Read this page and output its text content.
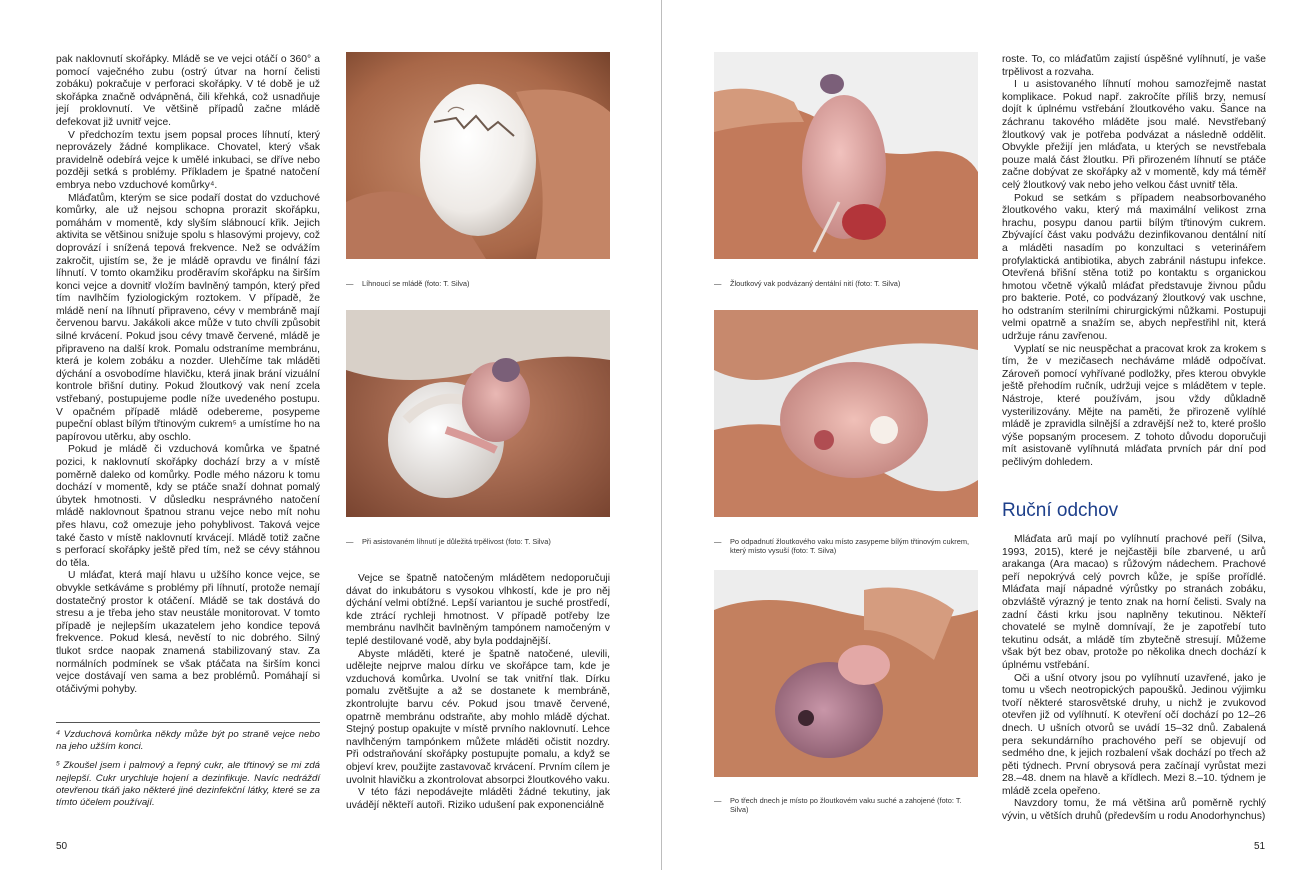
pak naklovnutí skořápky. Mládě se ve vejci otáčí o 360° a pomocí vaječného zubu (ostrý útvar na horní čelisti zobáku) pokračuje v perforaci skořápky. V té době je už skořápka značně odvápněná, čili křehká, což usnadňuje její proklovnutí. Ve většině případů začne mládě defekovat již uvnitř vejce.

V předchozím textu jsem popsal proces líhnutí, který neprovázely žádné komplikace. Chovatel, který však pravidelně odebírá vejce k umělé inkubaci, se dříve nebo později setká s problémy. Příkladem je špatné natočení embrya nebo vzduchové komůrky⁴.

Mláďatům, kterým se sice podaří dostat do vzduchové komůrky, ale už nejsou schopna prorazit skořápku, pomáhám v momentě, kdy slyším slábnoucí křik. Jejich aktivita se většinou snižuje spolu s hlasovými projevy, což doprovází i snížená tepová frekvence. Než se odvážím zakročit, ujistím se, že je mládě opravdu ve finální fázi líhnutí. V tomto okamžiku proděravím skořápku na širším konci vejce a dovnitř vložím bavlněný tampón, který před tím navlhčím fyziologickým roztokem. V případě, že mládě není na líhnutí připraveno, cévy v membráně mají červenou barvu. Jakákoli akce může v tuto chvíli způsobit silné krvácení. Pokud jsou cévy tmavě červené, mládě je připraveno na další krok. Pomalu odstraníme membránu, která je kolem zobáku a nozder. Ulehčíme tak mláděti dýchání a osvobodíme hlavičku, která jinak brání vizuální kontrole břišní dutiny. Pokud žloutkový vak není zcela vstřebaný, postupujeme podle níže uvedeného postupu. V opačném případě mládě odebereme, posypeme pupeční oblast bílým třtinovým cukrem⁵ a umístíme ho na papírovou utěrku, aby oschlo.

Pokud je mládě či vzduchová komůrka ve špatné pozici, k naklovnutí skořápky dochází brzy a v místě poměrně daleko od komůrky. Podle mého názoru k tomu dochází v momentě, kdy se ptáče snaží dohnat pomalý úbytek hmotnosti. V důsledku nesprávného natočení mládě naklovnout špatnou stranu vejce nebo mít nohu přes hlavu, což omezuje jeho pohyblivost. Taková vejce také často v místě naklovnutí krvácejí. Mládě totiž začne s perforací skořápky ještě před tím, než se cévy stáhnou do těla.

U mláďat, která mají hlavu u užšího konce vejce, se obvykle setkáváme s problémy při líhnutí, protože nemají dostatečný prostor k otáčení. Mládě se tak dostává do stresu a je třeba jeho stav neustále monitorovat. V tomto případě je nejlepším ukazatelem jeho kondice tepová frekvence. Pokud klesá, nevěstí to nic dobrého. Silný tlukot srdce naopak znamená stabilizovaný stav. Za normálních podmínek se však ptáčata na širším konci vejce dostávají ven sama a bez problémů. Pomáhají si otáčivými pohyby.

⁴ Vzduchová komůrka někdy může být po straně vejce nebo na jeho užším konci.

⁵ Zkoušel jsem i palmový a řepný cukr, ale třtinový se mi zdá nejlepší. Cukr urychluje hojení a dezinfikuje. Navíc nedráždí otevřenou tkáň jako některé jiné dezinfekční látky, které se za tímto účelem používají.

—	Líhnoucí se mládě (foto: T. Silva)
—	Při asistovaném líhnutí je důležitá trpělivost (foto: T. Silva)

Vejce se špatně natočeným mládětem nedoporučuji dávat do inkubátoru s vysokou vlhkostí, kde je pro něj dýchání velmi obtížné. Lepší variantou je suché prostředí, kde ztrácí rychleji hmotnost. V případě potřeby lze membránu navlhčit bavlněným tampónem namočeným v teplé destilované vodě, aby byla poddajnější.

Abyste mláděti, které je špatně natočené, ulevili, udělejte nejprve malou dírku ve skořápce tam, kde je vzduchová komůrka. Uvolní se tak vnitřní tlak. Dírku pomalu zvětšujte a až se dostanete k membráně, zkontrolujte barvu cév. Pokud jsou tmavě červené, opatrně membránu odstraňte, aby mohlo mládě dýchat. Stejný postup opakujte v místě prvního naklovnutí. Lehce navlhčeným tampónkem můžete mláděti očistit nozdry. Při odstraňování skořápky postupujte pomalu, a když se objeví krev, použijte zastavovač krvácení. Prvním cílem je uvolnit hlavičku a zkontrolovat absorpci žloutkového vaku.

V této fázi nepodávejte mláděti žádné tekutiny, jak uvádějí někteří autoři. Riziko udušení pak exponenciálně

50
—	Žloutkový vak podvázaný dentální nití (foto: T. Silva)
—	Po odpadnutí žloutkového vaku místo zasypeme bílým třtinovým cukrem, který místo vysuší (foto: T. Silva)
—	Po třech dnech je místo po žloutkovém vaku suché a zahojené (foto: T. Silva)

roste. To, co mláďatům zajistí úspěšné vylíhnutí, je vaše trpělivost a rozvaha.

I u asistovaného líhnutí mohou samozřejmě nastat komplikace. Pokud např. zakročíte příliš brzy, nemusí dojít k úplnému vstřebání žloutkového vaku. Šance na záchranu takového mláděte jsou malé. Nevstřebaný žloutkový vak je potřeba podvázat a následně oddělit. Obvykle přežijí jen mláďata, u kterých se nevstřebala pouze malá část žloutku. Při přirozeném líhnutí se ptáče začne dobývat ze skořápky až v momentě, kdy má téměř celý žloutkový vak nebo jeho velkou část uvnitř těla.

Pokud se setkám s případem neabsorbovaného žloutkového vaku, který má maximální velikost zrna hrachu, posypu danou partii bílým třtinovým cukrem. Zbývající část vaku podvážu dezinfikovanou dentální nití a mláděti nasadím po konzultaci s veterinářem profylaktická antibiotika, abych zabránil nástupu infekce. Otevřená břišní stěna totiž po kontaktu s organickou hmotou včetně výkalů mláďat představuje živnou půdu pro bakterie. Poté, co podvázaný žloutkový vak uschne, ho odstraním sterilními chirurgickými nůžkami. Postupuji velmi opatrně a snažím se, abych nepřestřihl nit, která udržuje ránu zavřenou.

Vyplatí se nic neuspěchat a pracovat krok za krokem s tím, že v mezičasech necháváme mládě odpočívat. Zároveň pomocí vyhřívané podložky, přes kterou obvykle ještě přehodím ručník, udržuji vejce s mládětem v teple. Nástroje, které používám, jsou vždy důkladně vysterilizovány. Mějte na paměti, že přirozeně vylíhlé mládě je zpravidla silnější a zdravější než to, které prošlo výše popsaným procesem. Z tohoto důvodu doporučuji mít asistovaně vylíhnutá mláďata prvních pár dní pod pečlivým dohledem.

Ruční odchov

Mláďata arů mají po vylíhnutí prachové peří (Silva, 1993, 2015), které je nejčastěji bíle zbarvené, u arů arakanga (Ara macao) s růžovým nádechem. Prachové peří nepokrývá celý povrch kůže, je spíše prořídlé. Mláďata mají nápadné výrůstky po stranách zobáku, obzvláště výrazný je tento znak na horní čelisti. Svaly na zadní části krku jsou naplněny tekutinou. Někteří chovatelé se mylně domnívají, že je zapotřebí tuto tekutinu odsát, a mládě tím zbytečně stresují. Můžeme však být bez obav, protože po několika dnech dochází k úplnému vstřebání.

Oči a ušní otvory jsou po vylíhnutí uzavřené, jako je tomu u všech neotropických papoušků. Jedinou výjimku tvoří některé starosvětské druhy, u nichž je zvukovod otevřen již od vylíhnutí. K otevření očí dochází po 12–26 dnech. U ušních otvorů se uvádí 15–32 dnů. Zabalená pera sekundárního prachového peří se objevují od sedmého dne, k jejich rozbalení však dochází po třech až pěti týdnech. První obrysová pera začínají vyrůstat mezi 28.–48. dnem na hlavě a křídlech. Mezi 8.–10. týdnem je mládě zcela opeřeno.

Navzdory tomu, že má většina arů poměrně rychlý vývin, u větších druhů (především u rodu Anodorhynchus)

51
